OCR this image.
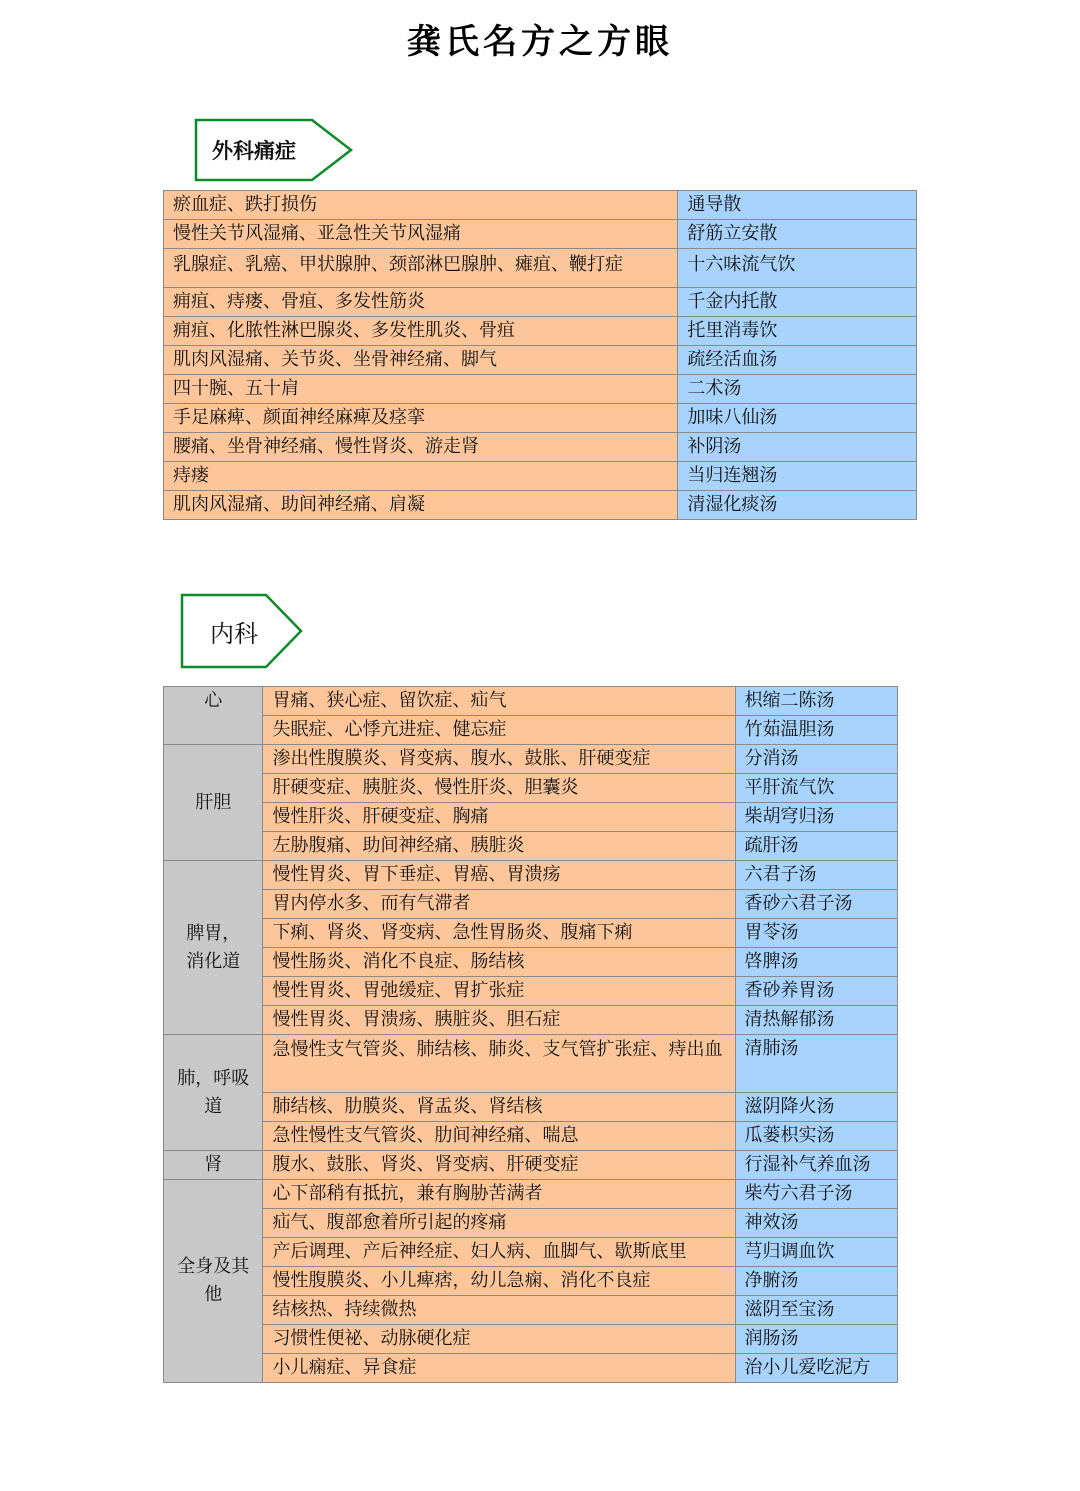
龚氏名方之方眼
外科痛症
瘀血症、跌打损伤	通导散
慢性关节风湿痛、亚急性关节风湿痛	舒筋立安散
乳腺症、乳癌、甲状腺肿、颈部淋巴腺肿、瘫疽、鞭打症	十六味流气饮
痈疽、痔瘘、骨疽、多发性筋炎	千金内托散
痈疽、化脓性淋巴腺炎、多发性肌炎、骨疽	托里消毒饮
肌肉风湿痛、关节炎、坐骨神经痛、脚气	疏经活血汤
四十腕、五十肩	二术汤
手足麻痺、颜面神经麻痺及痉挛	加味八仙汤
腰痛、坐骨神经痛、慢性肾炎、游走肾	补阴汤
痔瘘	当归连翘汤
肌肉风湿痛、助间神经痛、肩凝	清湿化痰汤
内科
心	胃痛、狭心症、留饮症、疝气	枳缩二陈汤
	失眠症、心悸亢进症、健忘症	竹茹温胆汤
肝胆	渗出性腹膜炎、肾变病、腹水、鼓胀、肝硬变症	分消汤
	肝硬变症、胰脏炎、慢性肝炎、胆囊炎	平肝流气饮
	慢性肝炎、肝硬变症、胸痛	柴胡穹归汤
	左胁腹痛、助间神经痛、胰脏炎	疏肝汤
脾胃，消化道	慢性胃炎、胃下垂症、胃癌、胃溃疡	六君子汤
	胃内停水多、而有气滞者	香砂六君子汤
	下痢、肾炎、肾变病、急性胃肠炎、腹痛下痢	胃苓汤
	慢性肠炎、消化不良症、肠结核	啓脾汤
	慢性胃炎、胃弛缓症、胃扩张症	香砂养胃汤
	慢性胃炎、胃溃疡、胰脏炎、胆石症	清热解郁汤
肺，呼吸道	急慢性支气管炎、肺结核、肺炎、支气管扩张症、痔出血	清肺汤
	肺结核、肋膜炎、肾盂炎、肾结核	滋阴降火汤
	急性慢性支气管炎、肋间神经痛、喘息	瓜蒌枳实汤
肾	腹水、鼓胀、肾炎、肾变病、肝硬变症	行湿补气养血汤
全身及其他	心下部稍有抵抗，兼有胸胁苦满者	柴芍六君子汤
	疝气、腹部愈着所引起的疼痛	神效汤
	产后调理、产后神经症、妇人病、血脚气、歇斯底里	芎归调血饮
	慢性腹膜炎、小儿痺痞，幼儿急痫、消化不良症	净腑汤
	结核热、持续微热	滋阴至宝汤
	习惯性便祕、动脉硬化症	润肠汤
	小儿痫症、异食症	治小儿爱吃泥方
